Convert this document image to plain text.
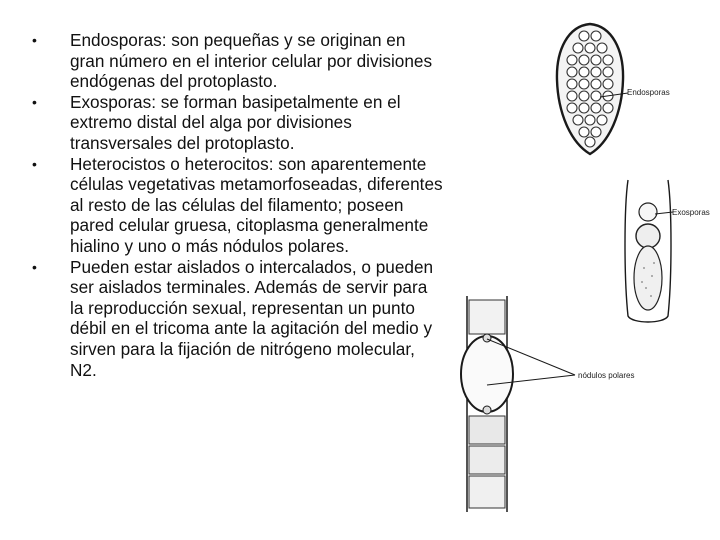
•	Endosporas: son pequeñas y se originan en gran número en el interior celular por divisiones endógenas del protoplasto.
•	Exosporas: se forman basipetalmente en el extremo distal del alga por divisiones transversales del protoplasto.
•	Heterocistos o heterocitos: son aparentemente células vegetativas metamorfoseadas, diferentes al resto de las células del filamento; poseen pared celular gruesa, citoplasma generalmente hialino y uno o más nódulos polares.
•	Pueden estar aislados o intercalados, o pueden ser aislados terminales. Además de servir para la reproducción sexual, representan un punto débil en el tricoma ante la agitación del medio y sirven para la fijación de nitrógeno molecular, N2.
Endosporas
Exosporas
nódulos polares
